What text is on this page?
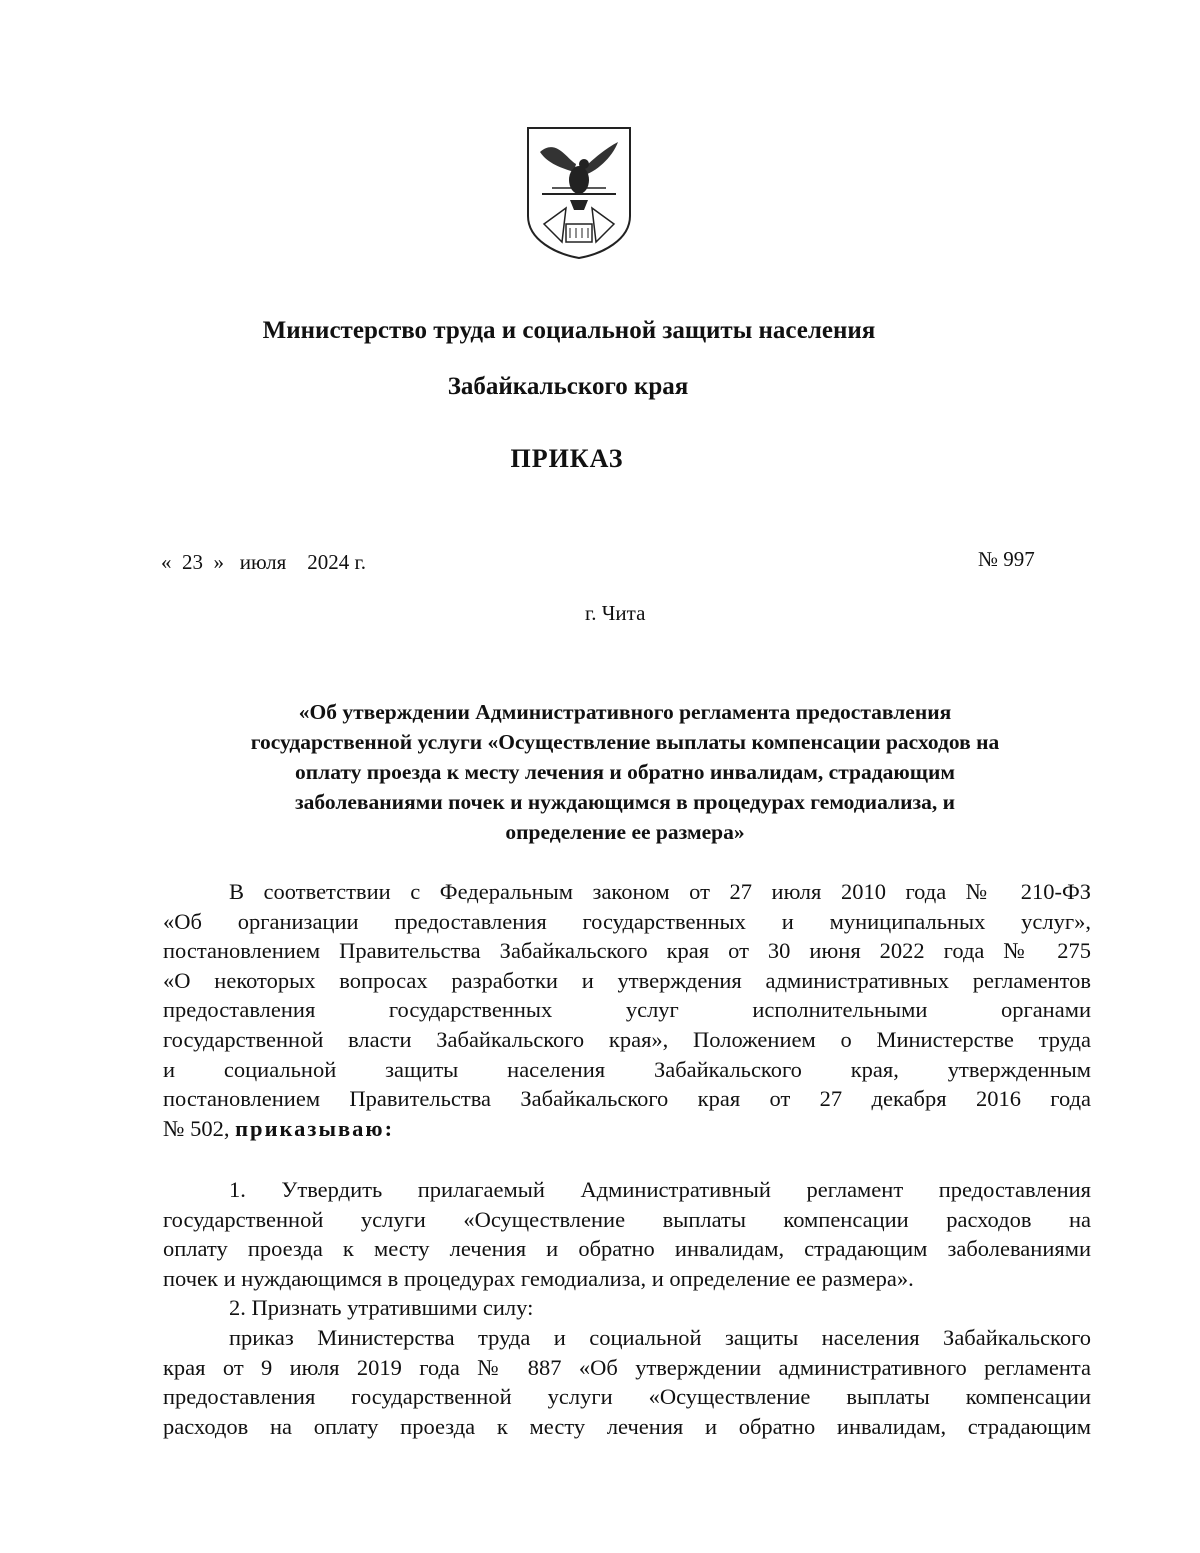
Министерство труда и социальной защиты населения
Забайкальского края
ПРИКАЗ
«  23  »   июля    2024 г.	№ 997
г. Чита
«Об утверждении Административного регламента предоставления
государственной услуги «Осуществление выплаты компенсации расходов на
оплату проезда к месту лечения и обратно инвалидам, страдающим
заболеваниями почек и нуждающимся в процедурах гемодиализа, и
определение ее размера»
В соответствии с Федеральным законом от 27 июля 2010 года № 210-ФЗ
«Об организации предоставления государственных и муниципальных услуг»,
постановлением Правительства Забайкальского края от 30 июня 2022 года № 275
«О некоторых вопросах разработки и утверждения административных регламентов
предоставления государственных услуг исполнительными органами
государственной власти Забайкальского края», Положением о Министерстве труда
и социальной защиты населения Забайкальского края, утвержденным
постановлением Правительства Забайкальского края от 27 декабря 2016 года
№ 502, приказываю:
1. Утвердить прилагаемый Административный регламент предоставления
государственной услуги «Осуществление выплаты компенсации расходов на
оплату проезда к месту лечения и обратно инвалидам, страдающим заболеваниями
почек и нуждающимся в процедурах гемодиализа, и определение ее размера».
2. Признать утратившими силу:
приказ Министерства труда и социальной защиты населения Забайкальского
края от 9 июля 2019 года № 887 «Об утверждении административного регламента
предоставления государственной услуги «Осуществление выплаты компенсации
расходов на оплату проезда к месту лечения и обратно инвалидам, страдающим
